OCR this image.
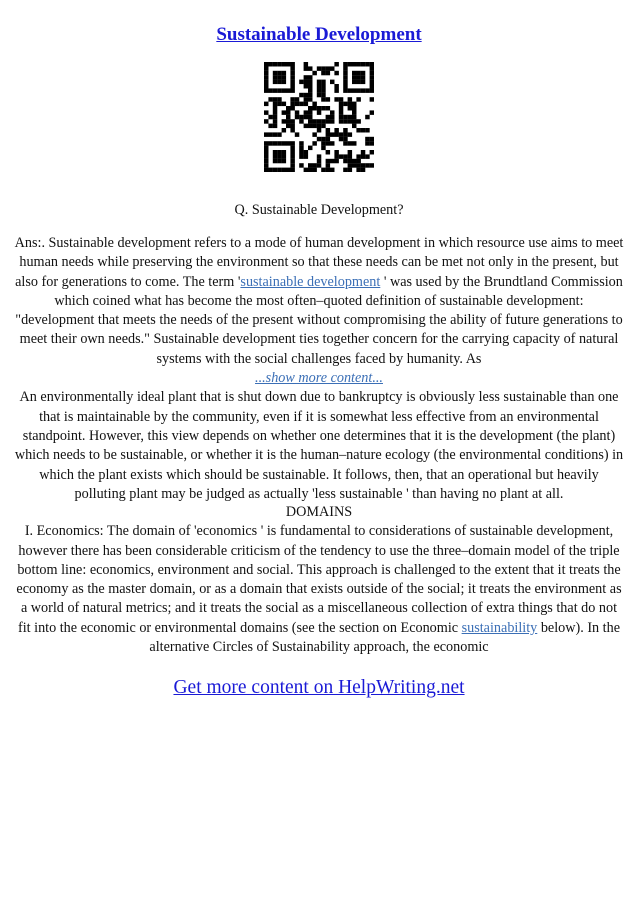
Sustainable Development
Q. Sustainable Development?
Ans:. Sustainable development refers to a mode of human development in which resource use aims to meet human needs while preserving the environment so that these needs can be met not only in the present, but also for generations to come. The term 'sustainable development ' was used by the Brundtland Commission which coined what has become the most often–quoted definition of sustainable development: "development that meets the needs of the present without compromising the ability of future generations to meet their own needs." Sustainable development ties together concern for the carrying capacity of natural systems with the social challenges faced by humanity. As
...show more content...
An environmentally ideal plant that is shut down due to bankruptcy is obviously less sustainable than one that is maintainable by the community, even if it is somewhat less effective from an environmental standpoint. However, this view depends on whether one determines that it is the development (the plant) which needs to be sustainable, or whether it is the human–nature ecology (the environmental conditions) in which the plant exists which should be sustainable. It follows, then, that an operational but heavily polluting plant may be judged as actually 'less sustainable ' than having no plant at all.
DOMAINS
I. Economics: The domain of 'economics ' is fundamental to considerations of sustainable development, however there has been considerable criticism of the tendency to use the three–domain model of the triple bottom line: economics, environment and social. This approach is challenged to the extent that it treats the economy as the master domain, or as a domain that exists outside of the social; it treats the environment as a world of natural metrics; and it treats the social as a miscellaneous collection of extra things that do not fit into the economic or environmental domains (see the section on Economic sustainability below). In the alternative Circles of Sustainability approach, the economic
Get more content on HelpWriting.net
